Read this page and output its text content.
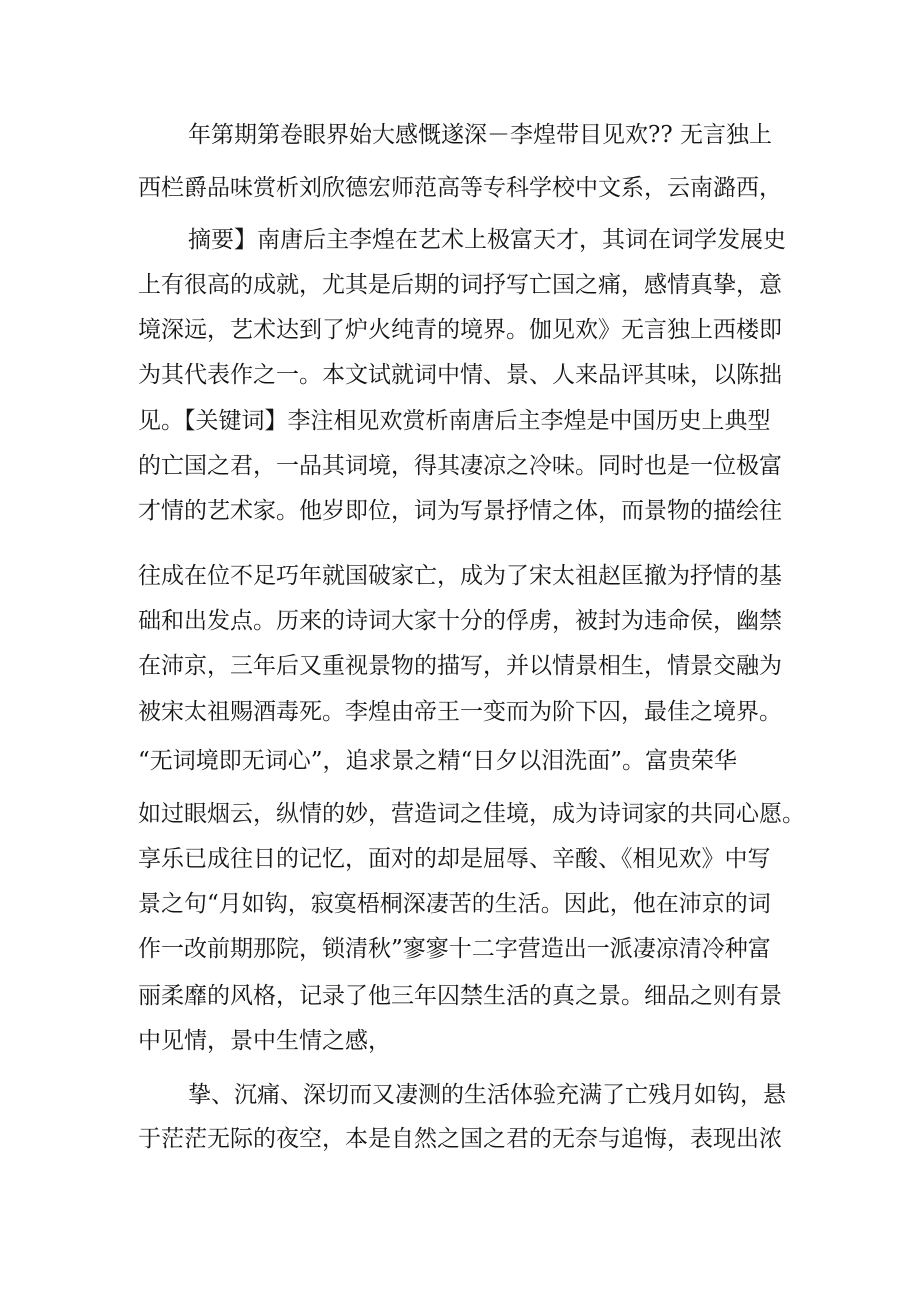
年第期第卷眼界始大感慨遂深－李煌带目见欢?? 无言独上

西栏爵品味赏析刘欣德宏师范高等专科学校中文系，云南潞西，

摘要】南唐后主李煌在艺术上极富天才，其词在词学发展史

上有很高的成就，尤其是后期的词抒写亡国之痛，感情真挚，意

境深远，艺术达到了炉火纯青的境界。伽见欢》无言独上西楼即

为其代表作之一。本文试就词中情、景、人来品评其味，以陈拙

见。【关键词】李注相见欢赏析南唐后主李煌是中国历史上典型

的亡国之君，一品其词境，得其凄凉之冷味。同时也是一位极富

才情的艺术家。他岁即位，词为写景抒情之体，而景物的描绘往

往成在位不足巧年就国破家亡，成为了宋太祖赵匡撤为抒情的基

础和出发点。历来的诗词大家十分的俘虏，被封为违命侯，幽禁

在沛京，三年后又重视景物的描写，并以情景相生，情景交融为

被宋太祖赐酒毒死。李煌由帝王一变而为阶下囚，最佳之境界。

“无词境即无词心”，追求景之精“日夕以泪洗面”。富贵荣华

如过眼烟云，纵情的妙，营造词之佳境，成为诗词家的共同心愿。

享乐已成往日的记忆，面对的却是屈辱、辛酸、《相见欢》中写

景之句“月如钩，寂寞梧桐深凄苦的生活。因此，他在沛京的词

作一改前期那院，锁清秋”寥寥十二字营造出一派凄凉清冷种富

丽柔靡的风格，记录了他三年囚禁生活的真之景。细品之则有景

中见情，景中生情之感，

挚、沉痛、深切而又凄测的生活体验充满了亡残月如钩，悬

于茫茫无际的夜空，本是自然之国之君的无奈与追悔，表现出浓
